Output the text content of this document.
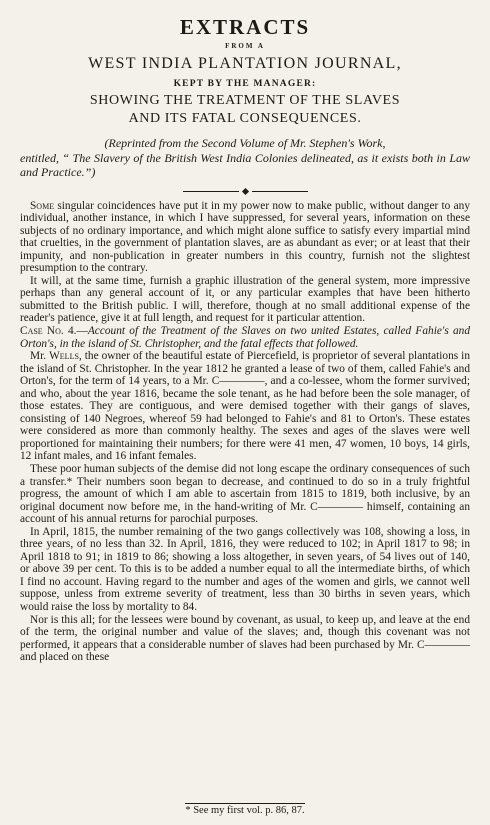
EXTRACTS
FROM A
WEST INDIA PLANTATION JOURNAL,
KEPT BY THE MANAGER:
SHOWING THE TREATMENT OF THE SLAVES
AND ITS FATAL CONSEQUENCES.
(Reprinted from the Second Volume of Mr. Stephen's Work,
entitled, “ The Slavery of the British West India Colonies delineated, as it exists both in Law and Practice.”)

Some singular coincidences have put it in my power now to make public, without danger to any individual, another instance, in which I have suppressed, for several years, information on these subjects of no ordinary importance, and which might alone suffice to satisfy every impartial mind that cruelties, in the government of plantation slaves, are as abundant as ever; or at least that their impunity, and non-publication in greater numbers in this country, furnish not the slightest presumption to the contrary.

It will, at the same time, furnish a graphic illustration of the general system, more impressive perhaps than any general account of it, or any particular examples that have been hitherto submitted to the British public. I will, therefore, though at no small additional expense of the reader's patience, give it at full length, and request for it particular attention.

Case No. 4.—Account of the Treatment of the Slaves on two united Estates, called Fahie's and Orton's, in the island of St. Christopher, and the fatal effects that followed.

Mr. Wells, the owner of the beautiful estate of Piercefield, is proprietor of several plantations in the island of St. Christopher. In the year 1812 he granted a lease of two of them, called Fahie's and Orton's, for the term of 14 years, to a Mr. C————, and a co-lessee, whom the former survived; and who, about the year 1816, became the sole tenant, as he had before been the sole manager, of those estates. They are contiguous, and were demised together with their gangs of slaves, consisting of 140 Negroes, whereof 59 had belonged to Fahie's and 81 to Orton's. These estates were considered as more than commonly healthy. The sexes and ages of the slaves were well proportioned for maintaining their numbers; for there were 41 men, 47 women, 10 boys, 14 girls, 12 infant males, and 16 infant females.

These poor human subjects of the demise did not long escape the ordinary consequences of such a transfer.* Their numbers soon began to decrease, and continued to do so in a truly frightful progress, the amount of which I am able to ascertain from 1815 to 1819, both inclusive, by an original document now before me, in the hand-writing of Mr. C———— himself, containing an account of his annual returns for parochial purposes.

In April, 1815, the number remaining of the two gangs collectively was 108, showing a loss, in three years, of no less than 32. In April, 1816, they were reduced to 102; in April 1817 to 98; in April 1818 to 91; in 1819 to 86; showing a loss altogether, in seven years, of 54 lives out of 140, or above 39 per cent. To this is to be added a number equal to all the intermediate births, of which I find no account. Having regard to the number and ages of the women and girls, we cannot well suppose, unless from extreme severity of treatment, less than 30 births in seven years, which would raise the loss by mortality to 84.

Nor is this all; for the lessees were bound by covenant, as usual, to keep up, and leave at the end of the term, the original number and value of the slaves; and, though this covenant was not performed, it appears that a considerable number of slaves had been purchased by Mr. C———— and placed on these

* See my first vol. p. 86, 87.
